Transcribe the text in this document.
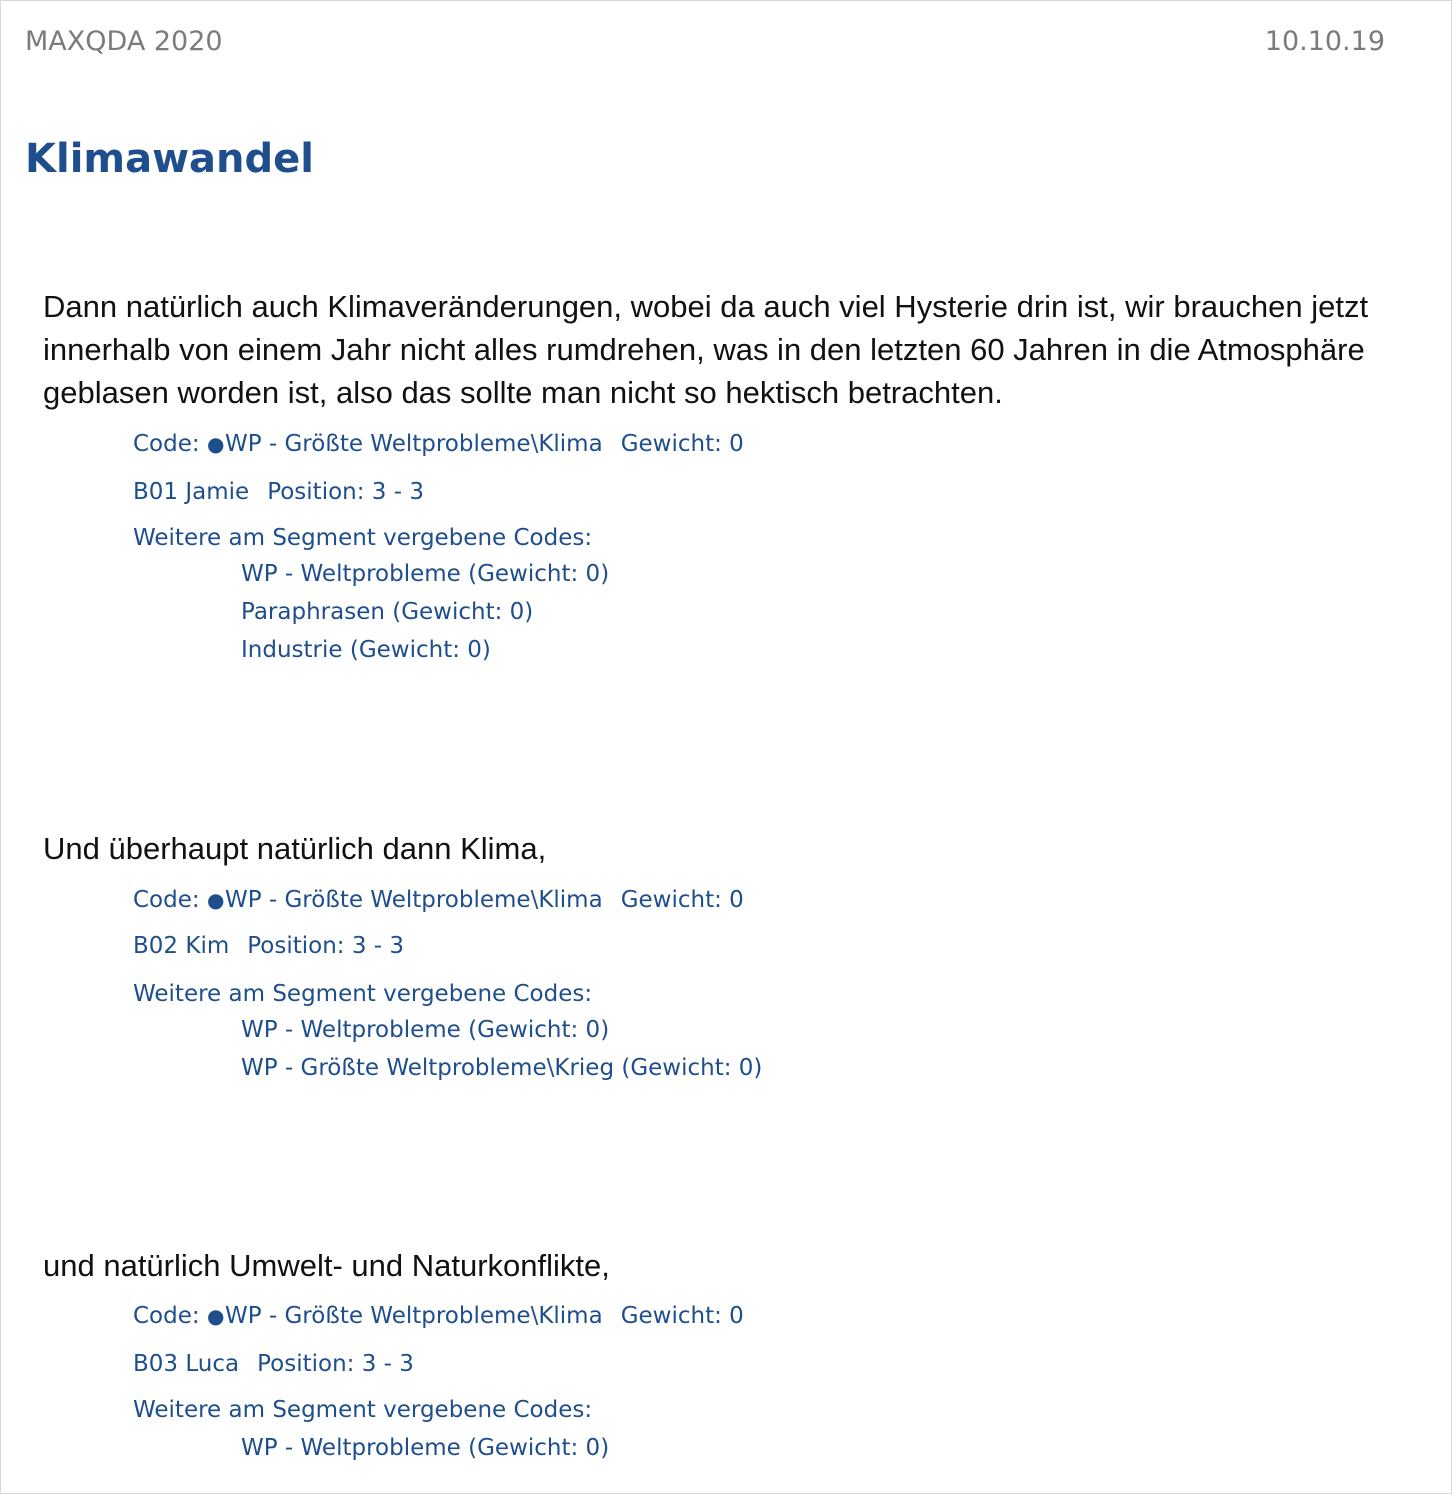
MAXQDA 2020	10.10.19
Klimawandel

Dann natürlich auch Klimaveränderungen, wobei da auch viel Hysterie drin ist, wir brauchen jetzt innerhalb von einem Jahr nicht alles rumdrehen, was in den letzten 60 Jahren in die Atmosphäre geblasen worden ist, also das sollte man nicht so hektisch betrachten.

Code: ●WP - Größte Weltprobleme\Klima Gewicht: 0
B01 Jamie Position: 3 - 3
Weitere am Segment vergebene Codes:
WP - Weltprobleme (Gewicht: 0)
Paraphrasen (Gewicht: 0)
Industrie (Gewicht: 0)

Und überhaupt natürlich dann Klima,

Code: ●WP - Größte Weltprobleme\Klima Gewicht: 0
B02 Kim Position: 3 - 3
Weitere am Segment vergebene Codes:
WP - Weltprobleme (Gewicht: 0)
WP - Größte Weltprobleme\Krieg (Gewicht: 0)

und natürlich Umwelt- und Naturkonflikte,

Code: ●WP - Größte Weltprobleme\Klima Gewicht: 0
B03 Luca Position: 3 - 3
Weitere am Segment vergebene Codes:
WP - Weltprobleme (Gewicht: 0)
